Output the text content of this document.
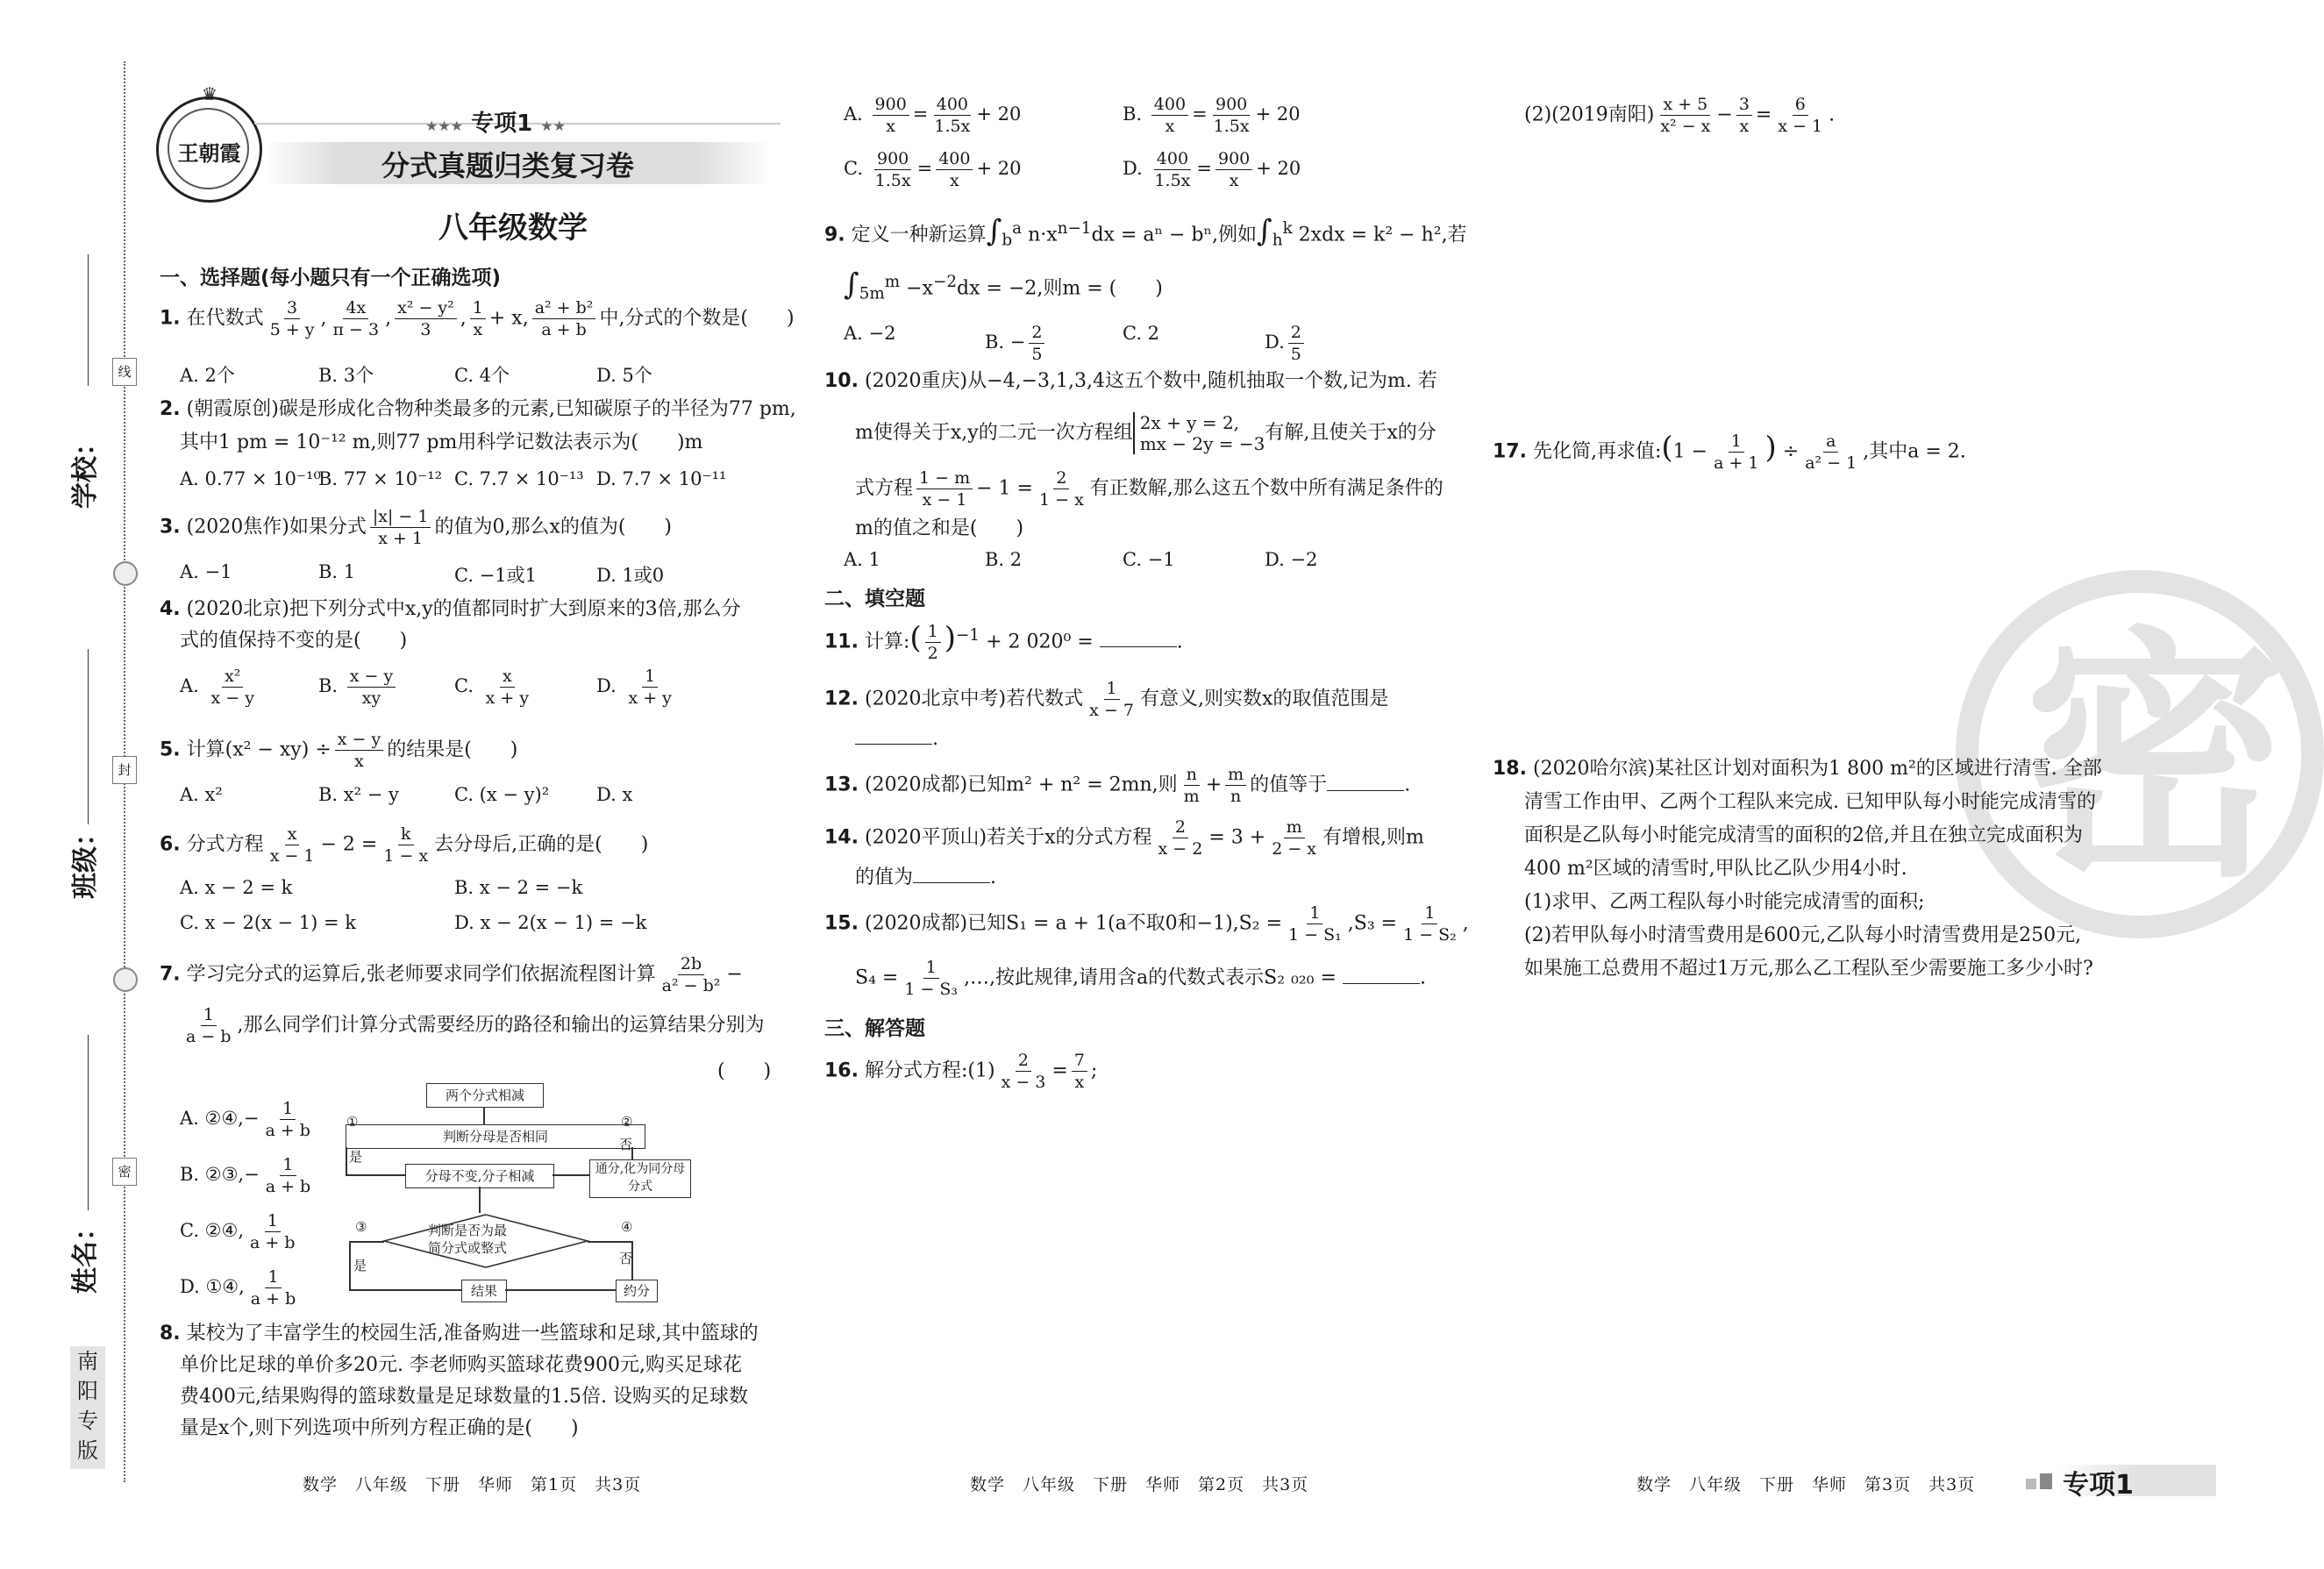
学校：
班级：
姓名：
线
封
密
南
阳
专
版
王朝霞
♛
★★★ 专项1 ★★
分式真题归类复习卷
八年级数学
一、选择题(每小题只有一个正确选项)
1. 在代数式 $\frac{3}{5 + y}$ , $\frac{4x}{\pi - 3}$ , $\frac{\text{x² − y²}}{3}$ , $\frac{1}{x} + x$, $\frac{\text{a² + b²}}{a + b}$ 中,分式的个数是(　　)
A. 2个	B. 3个	C. 4个	D. 5个
2. (朝霞原创)碳是形成化合物种类最多的元素,已知碳原子的半径为77 pm,
其中1 pm = 10⁻¹² m,则77 pm用科学记数法表示为(　　)m
A. 0.77 × 10⁻¹⁰
B. 77 × 10⁻¹² C. 7.7 × 10⁻¹³ D. 7.7 × 10⁻¹¹
3. (2020焦作)如果分式 $\frac{|x| - 1}{x + 1}$ 的值为0,那么x的值为(　　)
A. −1	B. 1	C. −1或1	D. 1或0
4. (2020北京)把下列分式中x,y的值都同时扩大到原来的3倍,那么分
式的值保持不变的是(　　)
A. $\frac{\text{x²}}{x - y}$	B. $\frac{x - y}{xy}$	C. $\frac{x}{x + y}$	D. $\frac{1}{x + y}$
5. 计算$(x^2 - xy) \div \frac{x - y}{x}$ 的结果是(　　)
A. x²	B. x² − y	C. (x − y)²	D. x
6. 分式方程 $\frac{x}{x - 1} - 2 = \frac{k}{1 - x}$ 去分母后,正确的是(　　)
A. x − 2 = k	B. x − 2 = −k
C. x − 2(x − 1) = k	D. x − 2(x − 1) = −k
7. 学习完分式的运算后,张老师要求同学们依据流程图计算 $\frac{2b}{\text{a² − b²}}$ −
$\frac{1}{a - b}$ ,那么同学们计算分式需要经历的路径和输出的运算结果分别为
(　　)
A. ②④,− $\frac{1}{a + b}$
B. ②③,− $\frac{1}{a + b}$
C. ②④, $\frac{1}{a + b}$
D. ①④, $\frac{1}{a + b}$
两个分式相减
判断分母是否相同
①	②
是
分母不变,分子相减
否
通分,化为同分母分式
判断是否为最
简分式或整式
③	④
是
结果
否
约分
8. 某校为了丰富学生的校园生活,准备购进一些篮球和足球,其中篮球的
单价比足球的单价多20元. 李老师购买篮球花费900元,购买足球花
费400元,结果购得的篮球数量是足球数量的1.5倍. 设购买的足球数
量是x个,则下列选项中所列方程正确的是(　　)
A. $\frac{900}{x} = \frac{400}{1.5x} + 20$	B. $\frac{400}{x} = \frac{900}{1.5x} + 20$
C. $\frac{900}{1.5x} = \frac{400}{x} + 20$	D. $\frac{400}{1.5x} = \frac{900}{x} + 20$
9. 定义一种新运算$\int_b^a$ $n\cdot x^{n-1}dx = a^n - b^n$,例如$\int_h^k$ 2xdx = k² − h²,若
$\int_{5m}^m -x^{-2}dx = -2$,则m = (　　)
A. −2	B. − $\frac{2}{5}$	C. 2	D. $\frac{2}{5}$
10. (2020重庆)从−4,−3,1,3,4这五个数中,随机抽取一个数,记为m. 若
m使得关于x,y的二元一次方程组 2x + y = 2,
mx − 2y = −3有解,且使关于x的分
式方程 $\frac{1 - m}{x - 1} - 1 = \frac{2}{1 - x}$ 有正数解,那么这五个数中所有满足条件的
m的值之和是(　　)
A. 1	B. 2	C. −1	D. −2
二、填空题
11. 计算:( $\frac{1}{2} )^{-1} + 2$ 020⁰ =	.
12. (2020北京中考)若代数式 $\frac{1}{x - 7}$ 有意义,则实数x的取值范围是
.
13. (2020成都)已知m² + n² = 2mn,则 $\frac{n}{m} + \frac{m}{n}$ 的值等于	.
14. (2020平顶山)若关于x的分式方程 $\frac{2}{x - 2} = 3 + \frac{m}{2 - x}$ 有增根,则m
的值为	.
15. (2020成都)已知S₁ = a + 1(a不取0和$-1),S_2 = \frac{1}{\text{1 − S₁}} ,S_3 = \frac{1}{\text{1 − S₂}}$ ,
$S_4 = \frac{1}{\text{1 − S₃}}$ ,…,按此规律,请用含a的代数式表示S₂ ₀₂₀ =	.
三、解答题
16. 解分式方程:(1) $\frac{2}{x - 3} = \frac{7}{x}$ ;
(2)(2019南阳) $\frac{x + 5}{\text{x² − x}} - \frac{3}{x} = \frac{6}{x - 1}$ .
17. 先化简,再求值:(1 − $\frac{1}{a + 1}$ ) ÷ $\frac{a}{\text{a² − 1}}$ ,其中a = 2.
密
18. (2020哈尔滨)某社区计划对面积为1 800 m²的区域进行清雪. 全部
清雪工作由甲、乙两个工程队来完成. 已知甲队每小时能完成清雪的
面积是乙队每小时能完成清雪的面积的2倍,并且在独立完成面积为
400 m²区域的清雪时,甲队比乙队少用4小时.
(1)求甲、乙两工程队每小时能完成清雪的面积;
(2)若甲队每小时清雪费用是600元,乙队每小时清雪费用是250元,
如果施工总费用不超过1万元,那么乙工程队至少需要施工多少小时?
数学　八年级　下册　华师　第1页　共3页	数学　八年级　下册　华师　第2页　共3页	数学　八年级　下册　华师　第3页　共3页	专项1
